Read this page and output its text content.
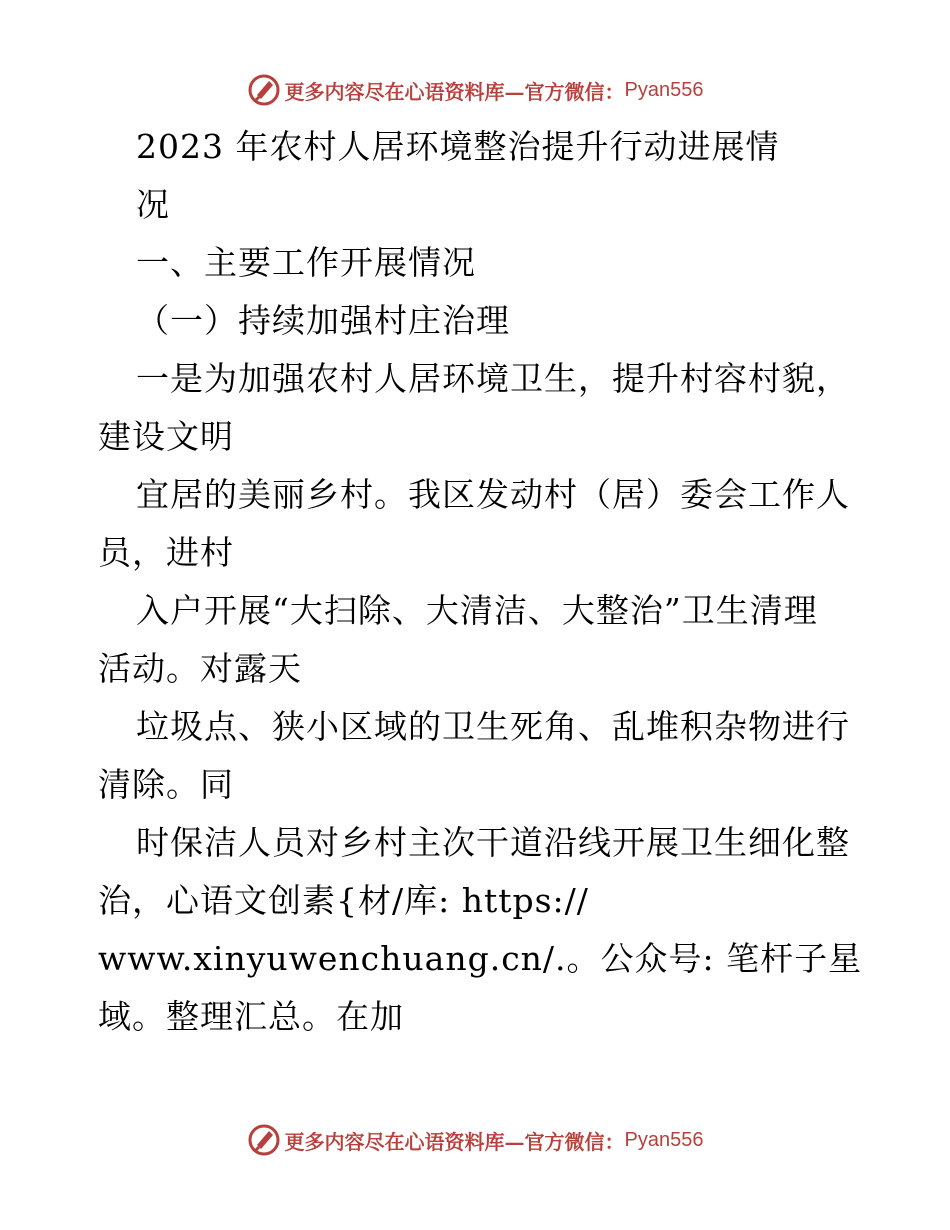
更多内容尽在心语资料库—官方微信： Pyan556
2023 年农村人居环境整治提升行动进展情
况
一、主要工作开展情况
（一）持续加强村庄治理
一是为加强农村人居环境卫生，提升村容村貌，
建设文明
宜居的美丽乡村。我区发动村（居）委会工作人
员，进村
入户开展“大扫除、大清洁、大整治”卫生清理
活动。对露天
垃圾点、狭小区域的卫生死角、乱堆积杂物进行
清除。同
时保洁人员对乡村主次干道沿线开展卫生细化整
治，心语文创素{材/库: https://
www.xinyuwenchuang.cn/.。公众号: 笔杆子星
域。整理汇总。在加
更多内容尽在心语资料库—官方微信： Pyan556
